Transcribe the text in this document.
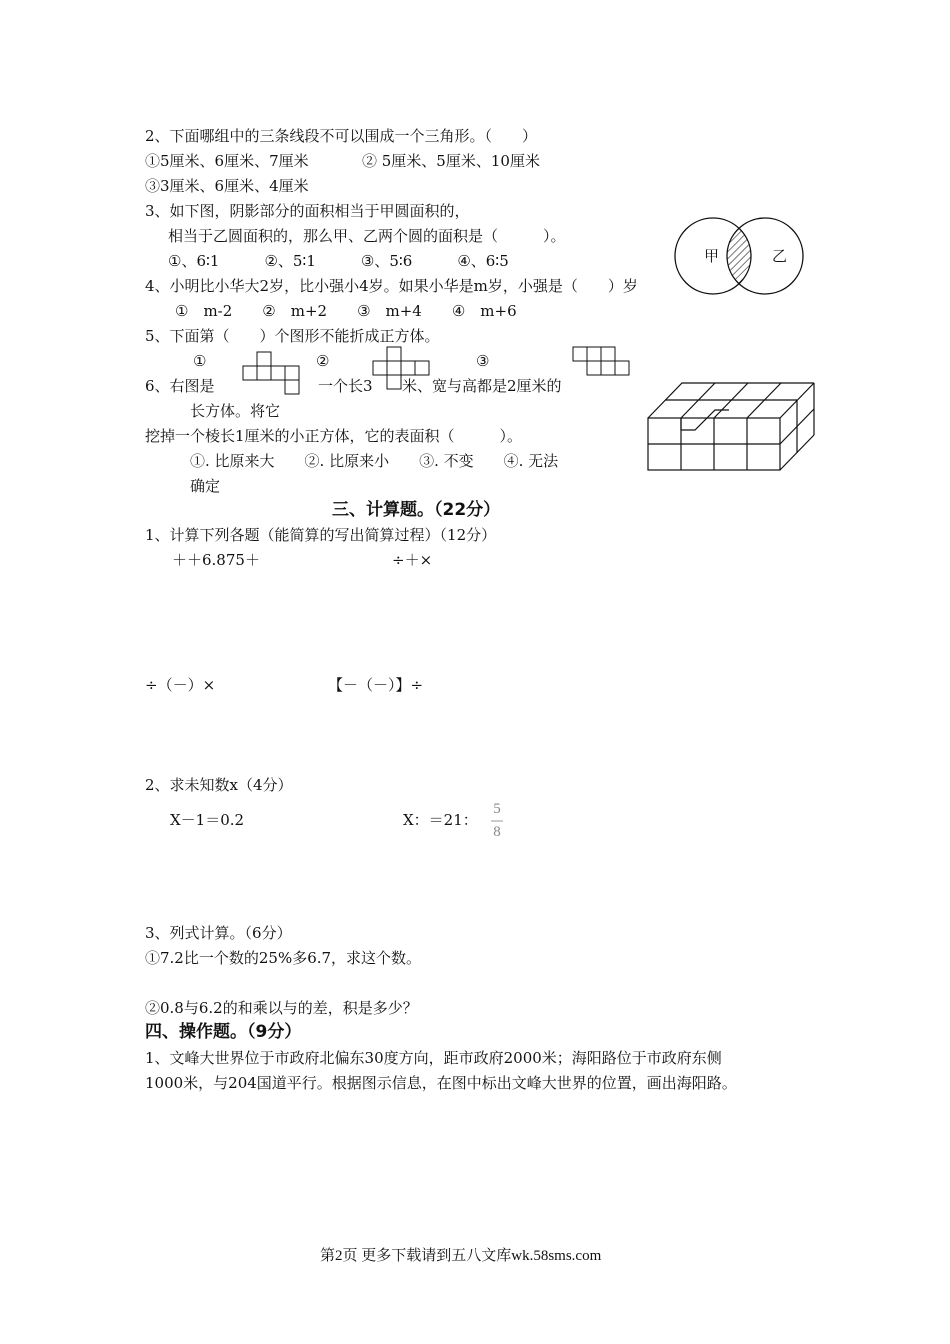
2、下面哪组中的三条线段不可以围成一个三角形。（　　）
①5厘米、6厘米、7厘米	② 5厘米、5厘米、10厘米
③3厘米、6厘米、4厘米
3、如下图，阴影部分的面积相当于甲圆面积的，
相当于乙圆面积的，那么甲、乙两个圆的面积是（　　　）。
①、6∶1　　　②、5∶1　　　③、5∶6　　　④、6∶5	甲	乙
4、小明比小华大2岁，比小强小4岁。如果小华是m岁，小强是（　　）岁
①　m-2　　②　m+2　　③　m+4　　④　m+6
5、下面第（　　）个图形不能折成正方体。
①	②	③
6、右图是	一个长3 米、宽与高都是2厘米的
长方体。将它
挖掉一个棱长1厘米的小正方体，它的表面积（　　　）。
①. 比原来大　　②. 比原来小　　③. 不变　　④. 无法
确定
三、计算题。（22分）
1、计算下列各题（能简算的写出简算过程）（12分）
＋＋6.875＋	÷＋×
÷（－）×	【－（－）】÷
2、求未知数x（4分）
X－1＝0.2	X：＝21：
5
8
3、列式计算。（6分）
①7.2比一个数的25%多6.7，求这个数。
②0.8与6.2的和乘以与的差，积是多少？
四、操作题。（9分）
1、文峰大世界位于市政府北偏东30度方向，距市政府2000米；海阳路位于市政府东侧
1000米，与204国道平行。根据图示信息，在图中标出文峰大世界的位置，画出海阳路。
第2页 更多下载请到五八文库wk.58sms.com
